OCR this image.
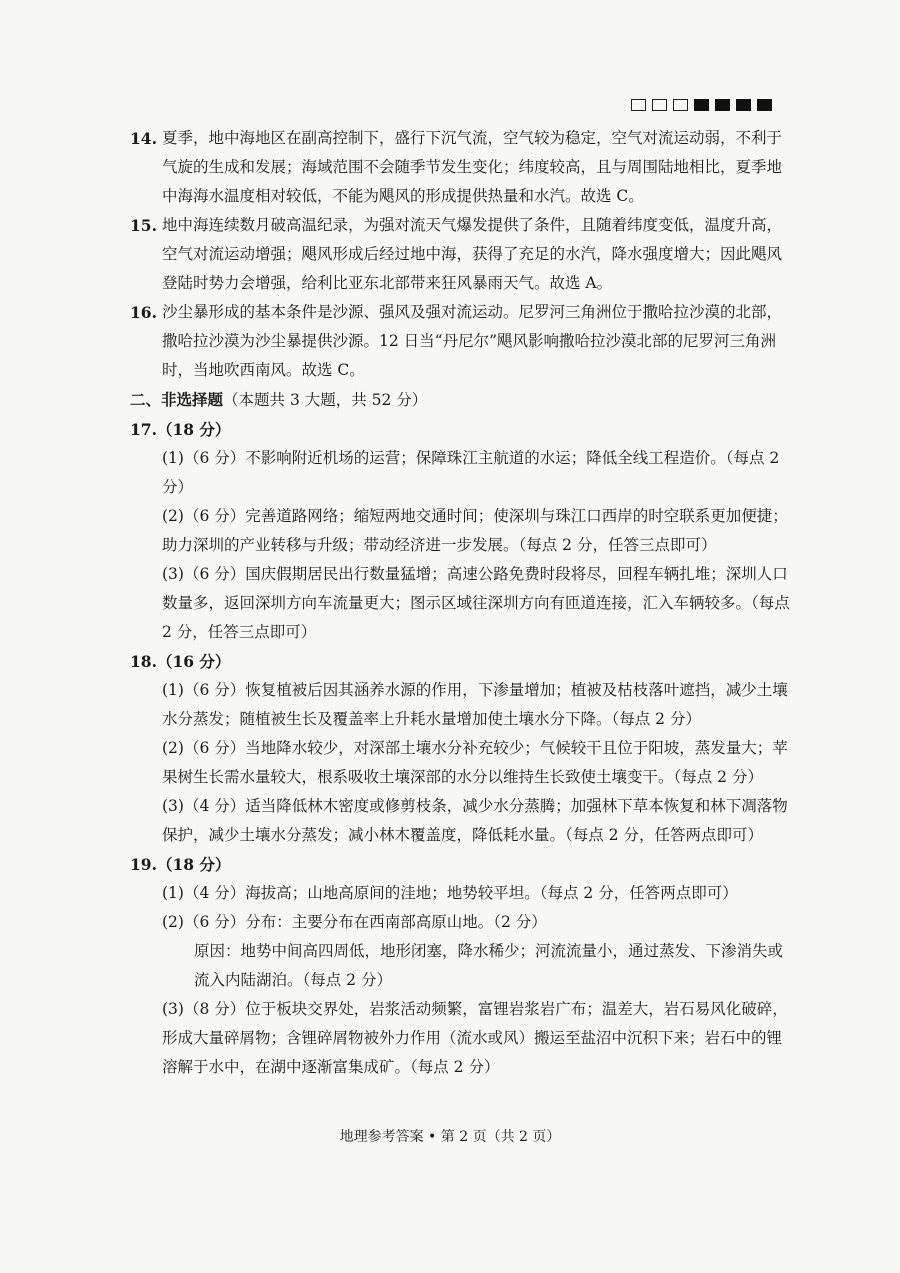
14. 夏季，地中海地区在副高控制下，盛行下沉气流，空气较为稳定，空气对流运动弱，不利于气旋的生成和发展；海域范围不会随季节发生变化；纬度较高，且与周围陆地相比，夏季地中海海水温度相对较低，不能为飓风的形成提供热量和水汽。故选 C。
15. 地中海连续数月破高温纪录，为强对流天气爆发提供了条件，且随着纬度变低，温度升高，空气对流运动增强；飓风形成后经过地中海，获得了充足的水汽，降水强度增大；因此飓风登陆时势力会增强，给利比亚东北部带来狂风暴雨天气。故选 A。
16. 沙尘暴形成的基本条件是沙源、强风及强对流运动。尼罗河三角洲位于撒哈拉沙漠的北部，撒哈拉沙漠为沙尘暴提供沙源。12 日当“丹尼尔”飓风影响撒哈拉沙漠北部的尼罗河三角洲时，当地吹西南风。故选 C。
二、非选择题（本题共 3 大题，共 52 分）
17.（18 分）
(1)（6 分）不影响附近机场的运营；保障珠江主航道的水运；降低全线工程造价。（每点 2 分）
(2)（6 分）完善道路网络；缩短两地交通时间；使深圳与珠江口西岸的时空联系更加便捷；助力深圳的产业转移与升级；带动经济进一步发展。（每点 2 分，任答三点即可）
(3)（6 分）国庆假期居民出行数量猛增；高速公路免费时段将尽，回程车辆扎堆；深圳人口数量多，返回深圳方向车流量更大；图示区域往深圳方向有匝道连接，汇入车辆较多。（每点 2 分，任答三点即可）
18.（16 分）
(1)（6 分）恢复植被后因其涵养水源的作用，下渗量增加；植被及枯枝落叶遮挡，减少土壤水分蒸发；随植被生长及覆盖率上升耗水量增加使土壤水分下降。（每点 2 分）
(2)（6 分）当地降水较少，对深部土壤水分补充较少；气候较干且位于阳坡，蒸发量大；苹果树生长需水量较大，根系吸收土壤深部的水分以维持生长致使土壤变干。（每点 2 分）
(3)（4 分）适当降低林木密度或修剪枝条，减少水分蒸腾；加强林下草本恢复和林下凋落物保护，减少土壤水分蒸发；减小林木覆盖度，降低耗水量。（每点 2 分，任答两点即可）
19.（18 分）
(1)（4 分）海拔高；山地高原间的洼地；地势较平坦。（每点 2 分，任答两点即可）
(2)（6 分）分布：主要分布在西南部高原山地。（2 分）
原因：地势中间高四周低，地形闭塞，降水稀少；河流流量小，通过蒸发、下渗消失或流入内陆湖泊。（每点 2 分）
(3)（8 分）位于板块交界处，岩浆活动频繁，富锂岩浆岩广布；温差大，岩石易风化破碎，形成大量碎屑物；含锂碎屑物被外力作用（流水或风）搬运至盐沼中沉积下来；岩石中的锂溶解于水中，在湖中逐渐富集成矿。（每点 2 分）
地理参考答案 • 第 2 页（共 2 页）
